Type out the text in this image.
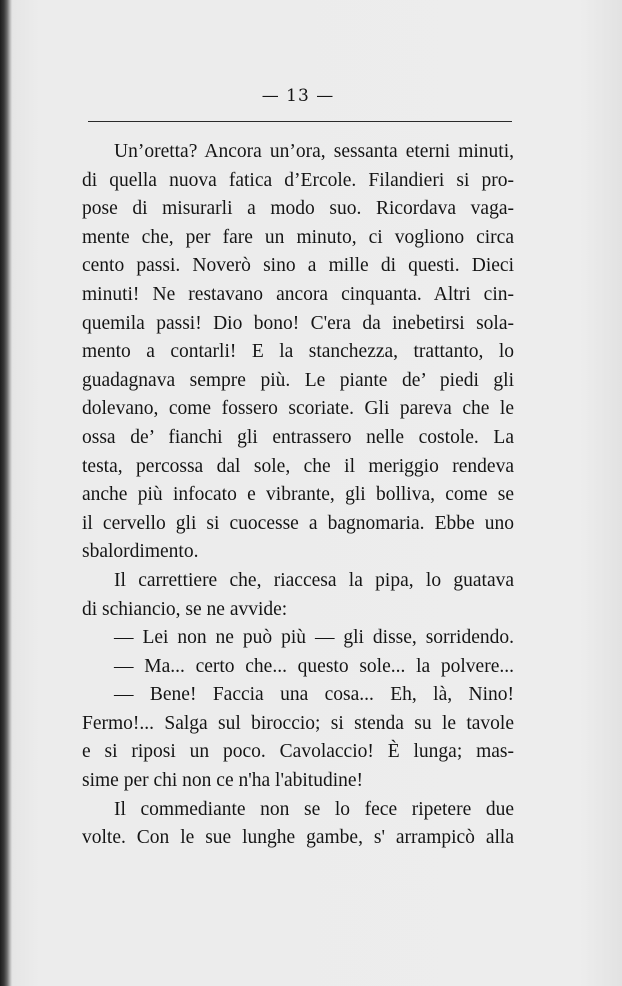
— 13 —
Un’oretta? Ancora un’ora, sessanta eterni minuti,
di quella nuova fatica d’Ercole. Filandieri si pro-
pose di misurarli a modo suo. Ricordava vaga-
mente che, per fare un minuto, ci vogliono circa
cento passi. Noverò sino a mille di questi. Dieci
minuti! Ne restavano ancora cinquanta. Altri cin-
quemila passi! Dio bono! C'era da inebetirsi sola-
mento a contarli! E la stanchezza, trattanto, lo
guadagnava sempre più. Le piante de’ piedi gli
dolevano, come fossero scoriate. Gli pareva che le
ossa de’ fianchi gli entrassero nelle costole. La
testa, percossa dal sole, che il meriggio rendeva
anche più infocato e vibrante, gli bolliva, come se
il cervello gli si cuocesse a bagnomaria. Ebbe uno
sbalordimento.
Il carrettiere che, riaccesa la pipa, lo guatava
di schiancio, se ne avvide:
— Lei non ne può più — gli disse, sorridendo.
— Ma... certo che... questo sole... la polvere...
— Bene! Faccia una cosa... Eh, là, Nino!
Fermo!... Salga sul biroccio; si stenda su le tavole
e si riposi un poco. Cavolaccio! È lunga; mas-
sime per chi non ce n'ha l'abitudine!
Il commediante non se lo fece ripetere due
volte. Con le sue lunghe gambe, s' arrampicò alla
